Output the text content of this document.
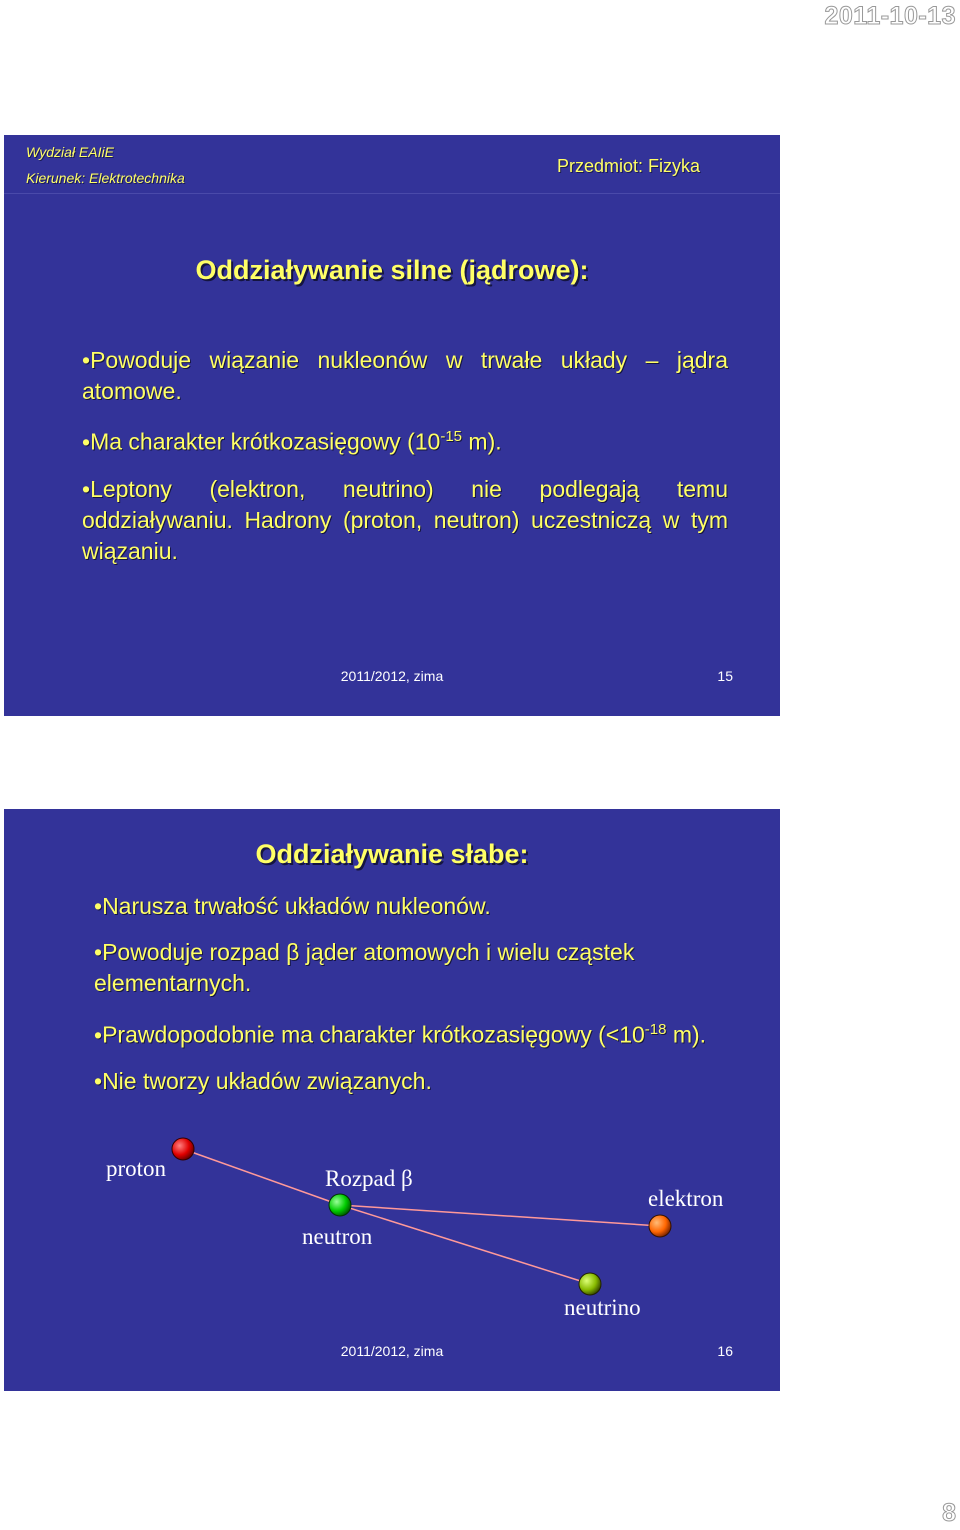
2011-10-13
Wydział EAIiE
Kierunek: Elektrotechnika
Przedmiot: Fizyka
Oddziaływanie silne (jądrowe):
• Powoduje wiązanie nukleonów w trwałe układy – jądra atomowe.
• Ma charakter krótkozasięgowy ($10^{-15}$ m).
• Leptony (elektron, neutrino) nie podlegają temu oddziaływaniu. Hadrony (proton, neutron) uczestniczą w tym wiązaniu.
2011/2012, zima	15
Oddziaływanie słabe:
• Narusza trwałość układów nukleonów.
• Powoduje rozpad β jąder atomowych i wielu cząstek elementarnych.
• Prawdopodobnie ma charakter krótkozasięgowy ($<10^{-18}$ m).
• Nie tworzy układów związanych.
proton	Rozpad β
neutron
elektron
neutrino
2011/2012, zima	16
8
